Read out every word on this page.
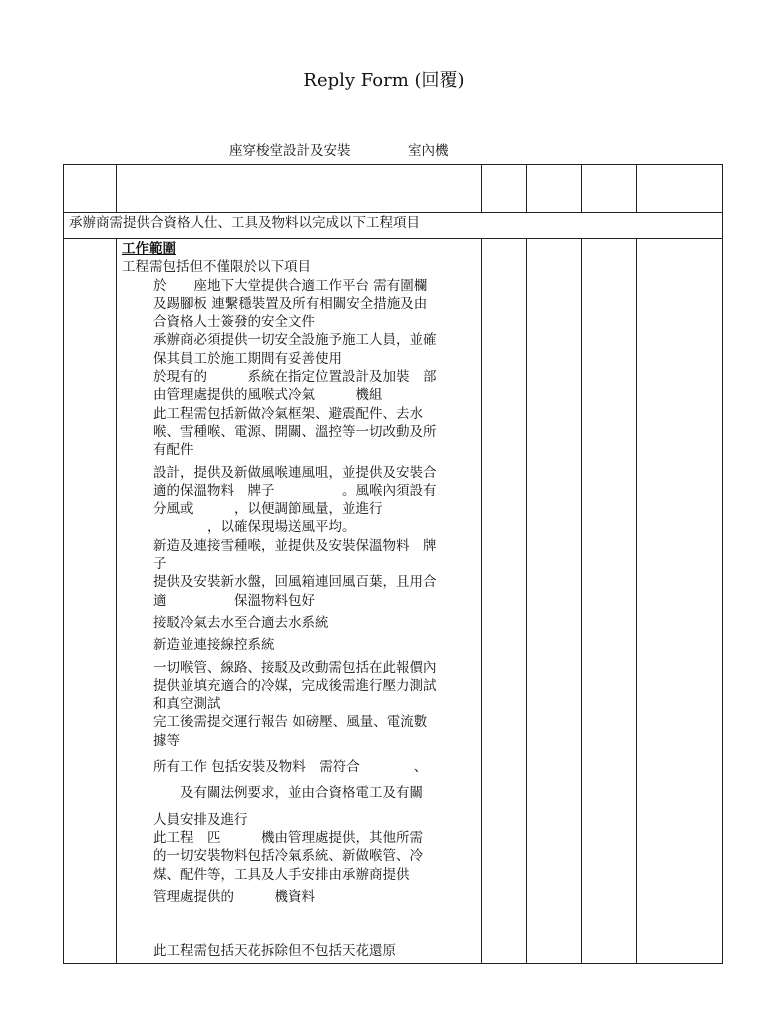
Reply Form (回覆)
座穿梭堂設計及安裝	室內機
承辦商需提供合資格人仕、工具及物料以完成以下工程項目
工作範圍
工程需包括但不僅限於以下項目
於　　座地下大堂提供合適工作平台 需有圍欄
及踢腳板 連繫穩裝置及所有相關安全措施及由
合資格人士簽發的安全文件
承辦商必須提供一切安全設施予施工人員，並確
保其員工於施工期間有妥善使用
於現有的　　　系統在指定位置設計及加裝　部
由管理處提供的風喉式冷氣　　　機組
此工程需包括新做冷氣框架、避震配件、去水
喉、雪種喉、電源、開關、溫控等一切改動及所
有配件
設計，提供及新做風喉連風咀，並提供及安裝合
適的保溫物料　牌子　　　　　。風喉內須設有
分風或　　　，以便調節風量，並進行
　　　　，以確保現場送風平均。
新造及連接雪種喉，並提供及安裝保溫物料　牌
子
提供及安裝新水盤，回風箱連回風百葉，且用合
適　　　　　保溫物料包好
接駁冷氣去水至合適去水系統
新造並連接線控系統
一切喉管、線路、接駁及改動需包括在此報價內
提供並填充適合的冷媒，完成後需進行壓力測試
和真空測試
完工後需提交運行報告 如磅壓、風量、電流數
據等
所有工作 包括安裝及物料　需符合　　　　、
　　及有關法例要求，並由合資格電工及有關
人員安排及進行
此工程　匹　　　機由管理處提供，其他所需
的一切安裝物料包括冷氣系統、新做喉管、冷
煤、配件等，工具及人手安排由承辦商提供
管理處提供的　　　機資料
此工程需包括天花拆除但不包括天花還原
